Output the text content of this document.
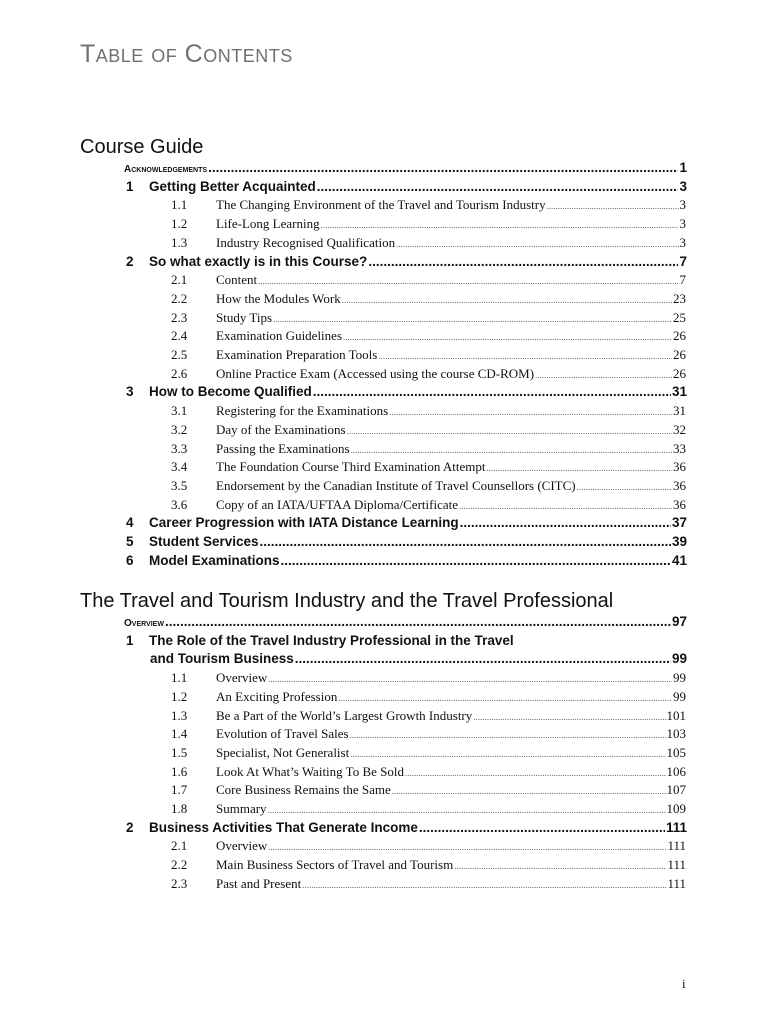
Table of Contents
Course Guide
Acknowledgements .....	1
1	Getting Better Acquainted .....	3
1.1	The Changing Environment of the Travel and Tourism Industry .....	3
1.2	Life-Long Learning .....	3
1.3	Industry Recognised Qualification .....	3
2	So what exactly is in this Course? .....	7
2.1	Content .....	7
2.2	How the Modules Work .....	23
2.3	Study Tips .....	25
2.4	Examination Guidelines .....	26
2.5	Examination Preparation Tools .....	26
2.6	Online Practice Exam (Accessed using the course CD-ROM) .....	26
3	How to Become Qualified .....	31
3.1	Registering for the Examinations .....	31
3.2	Day of the Examinations .....	32
3.3	Passing the Examinations .....	33
3.4	The Foundation Course Third Examination Attempt .....	36
3.5	Endorsement by the Canadian Institute of Travel Counsellors (CITC) .....	36
3.6	Copy of an IATA/UFTAA Diploma/Certificate .....	36
4	Career Progression with IATA Distance Learning .....	37
5	Student Services .....	39
6	Model Examinations .....	41
The Travel and Tourism Industry and the Travel Professional
Overview .....	97
1	The Role of the Travel Industry Professional in the Travel
and Tourism Business .....	99
1.1	Overview .....	99
1.2	An Exciting Profession .....	99
1.3	Be a Part of the World’s Largest Growth Industry .....	101
1.4	Evolution of Travel Sales .....	103
1.5	Specialist, Not Generalist .....	105
1.6	Look At What’s Waiting To Be Sold .....	106
1.7	Core Business Remains the Same .....	107
1.8	Summary .....	109
2	Business Activities That Generate Income .....	111
2.1	Overview .....	111
2.2	Main Business Sectors of Travel and Tourism .....	111
2.3	Past and Present .....	111
i
